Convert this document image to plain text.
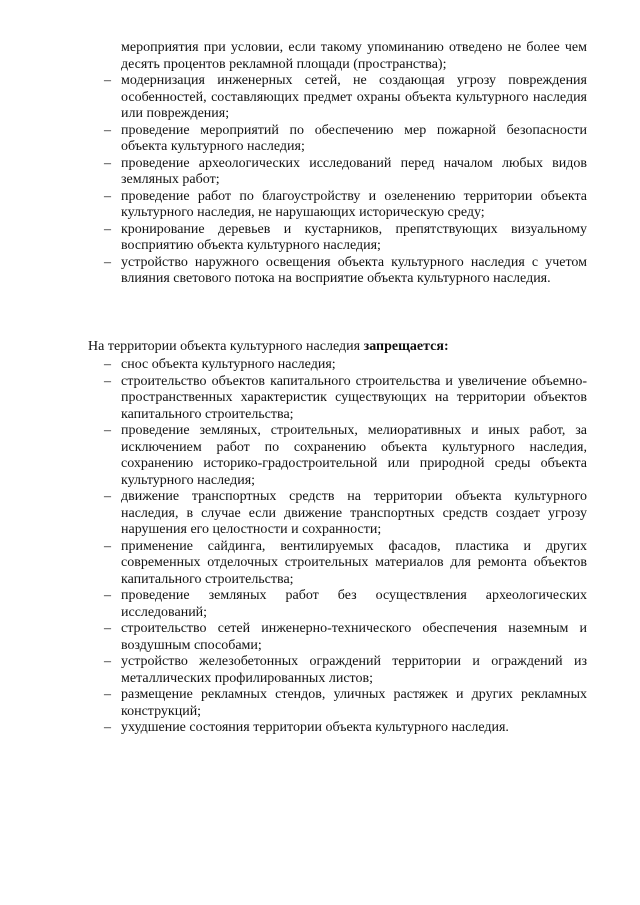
мероприятия при условии, если такому упоминанию отведено не более чем десять процентов рекламной площади (пространства);
– модернизация инженерных сетей, не создающая угрозу повреждения особенностей, составляющих предмет охраны объекта культурного наследия или повреждения;
– проведение мероприятий по обеспечению мер пожарной безопасности объекта культурного наследия;
– проведение археологических исследований перед началом любых видов земляных работ;
– проведение работ по благоустройству и озеленению территории объекта культурного наследия, не нарушающих историческую среду;
– кронирование деревьев и кустарников, препятствующих визуальному восприятию объекта культурного наследия;
– устройство наружного освещения объекта культурного наследия с учетом влияния светового потока на восприятие объекта культурного наследия.
На территории объекта культурного наследия запрещается:
– снос объекта культурного наследия;
– строительство объектов капитального строительства и увеличение объемно-пространственных характеристик существующих на территории объектов капитального строительства;
– проведение земляных, строительных, мелиоративных и иных работ, за исключением работ по сохранению объекта культурного наследия, сохранению историко-градостроительной или природной среды объекта культурного наследия;
– движение транспортных средств на территории объекта культурного наследия, в случае если движение транспортных средств создает угрозу нарушения его целостности и сохранности;
– применение сайдинга, вентилируемых фасадов, пластика и других современных отделочных строительных материалов для ремонта объектов капитального строительства;
– проведение земляных работ без осуществления археологических исследований;
– строительство сетей инженерно-технического обеспечения наземным и воздушным способами;
– устройство железобетонных ограждений территории и ограждений из металлических профилированных листов;
– размещение рекламных стендов, уличных растяжек и других рекламных конструкций;
– ухудшение состояния территории объекта культурного наследия.
